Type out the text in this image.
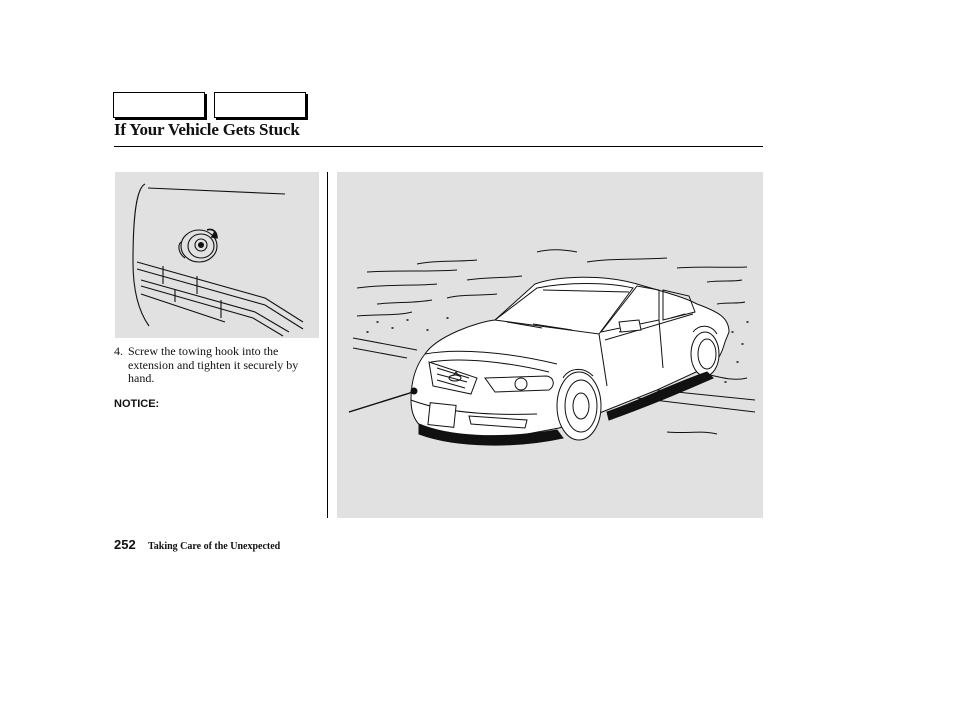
If Your Vehicle Gets Stuck

4. Screw the towing hook into the extension and tighten it securely by hand.

NOTICE:

252 Taking Care of the Unexpected
